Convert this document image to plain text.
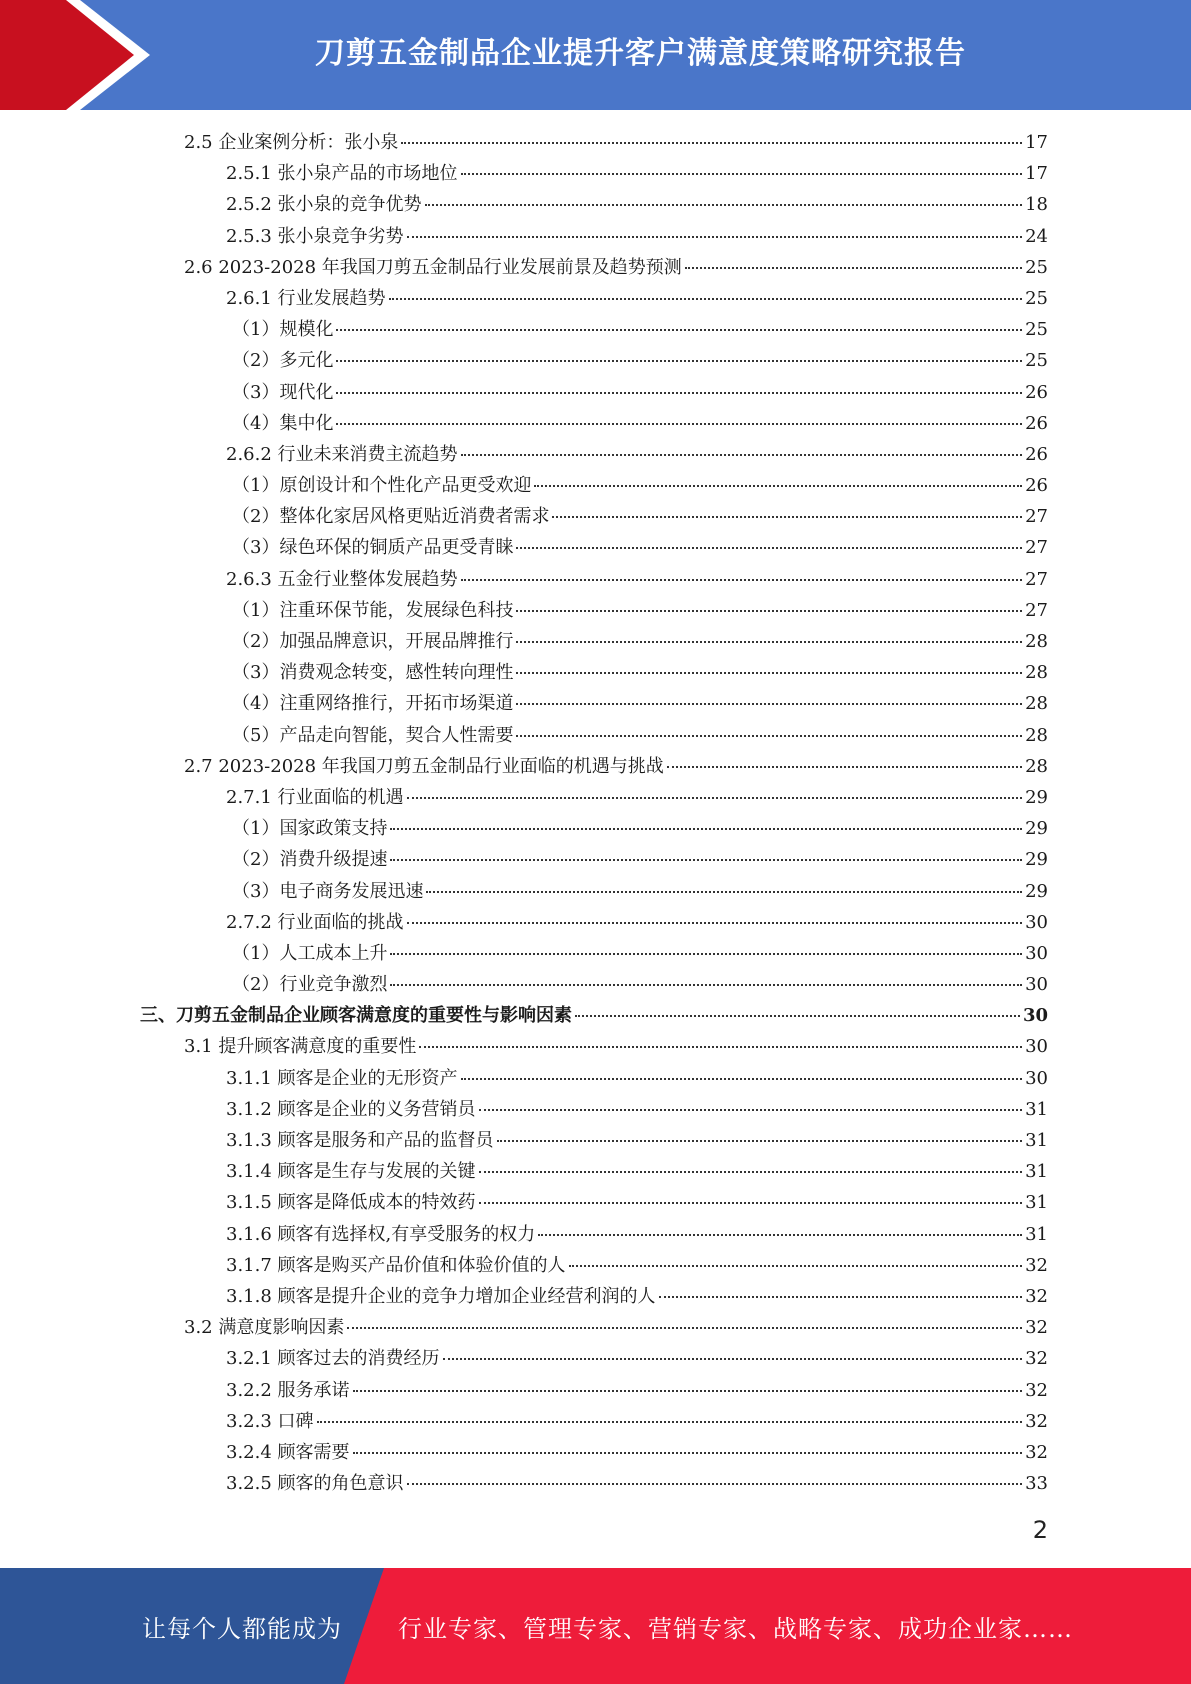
刀剪五金制品企业提升客户满意度策略研究报告
2.5 企业案例分析：张小泉	17
2.5.1 张小泉产品的市场地位	17
2.5.2 张小泉的竞争优势	18
2.5.3 张小泉竞争劣势	24
2.6 2023-2028 年我国刀剪五金制品行业发展前景及趋势预测	25
2.6.1 行业发展趋势	25
（1）规模化	25
（2）多元化	25
（3）现代化	26
（4）集中化	26
2.6.2 行业未来消费主流趋势	26
（1）原创设计和个性化产品更受欢迎	26
（2）整体化家居风格更贴近消费者需求	27
（3）绿色环保的铜质产品更受青睐	27
2.6.3 五金行业整体发展趋势	27
（1）注重环保节能，发展绿色科技	27
（2）加强品牌意识，开展品牌推行	28
（3）消费观念转变，感性转向理性	28
（4）注重网络推行，开拓市场渠道	28
（5）产品走向智能，契合人性需要	28
2.7 2023-2028 年我国刀剪五金制品行业面临的机遇与挑战	28
2.7.1 行业面临的机遇	29
（1）国家政策支持	29
（2）消费升级提速	29
（3）电子商务发展迅速	29
2.7.2 行业面临的挑战	30
（1）人工成本上升	30
（2）行业竞争激烈	30
三、刀剪五金制品企业顾客满意度的重要性与影响因素	30
3.1 提升顾客满意度的重要性	30
3.1.1 顾客是企业的无形资产	30
3.1.2 顾客是企业的义务营销员	31
3.1.3 顾客是服务和产品的监督员	31
3.1.4 顾客是生存与发展的关键	31
3.1.5 顾客是降低成本的特效药	31
3.1.6 顾客有选择权,有享受服务的权力	31
3.1.7 顾客是购买产品价值和体验价值的人	32
3.1.8 顾客是提升企业的竞争力增加企业经营利润的人	32
3.2 满意度影响因素	32
3.2.1 顾客过去的消费经历	32
3.2.2 服务承诺	32
3.2.3 口碑	32
3.2.4 顾客需要	32
3.2.5 顾客的角色意识	33
2
让每个人都能成为 行业专家、管理专家、营销专家、战略专家、成功企业家……
